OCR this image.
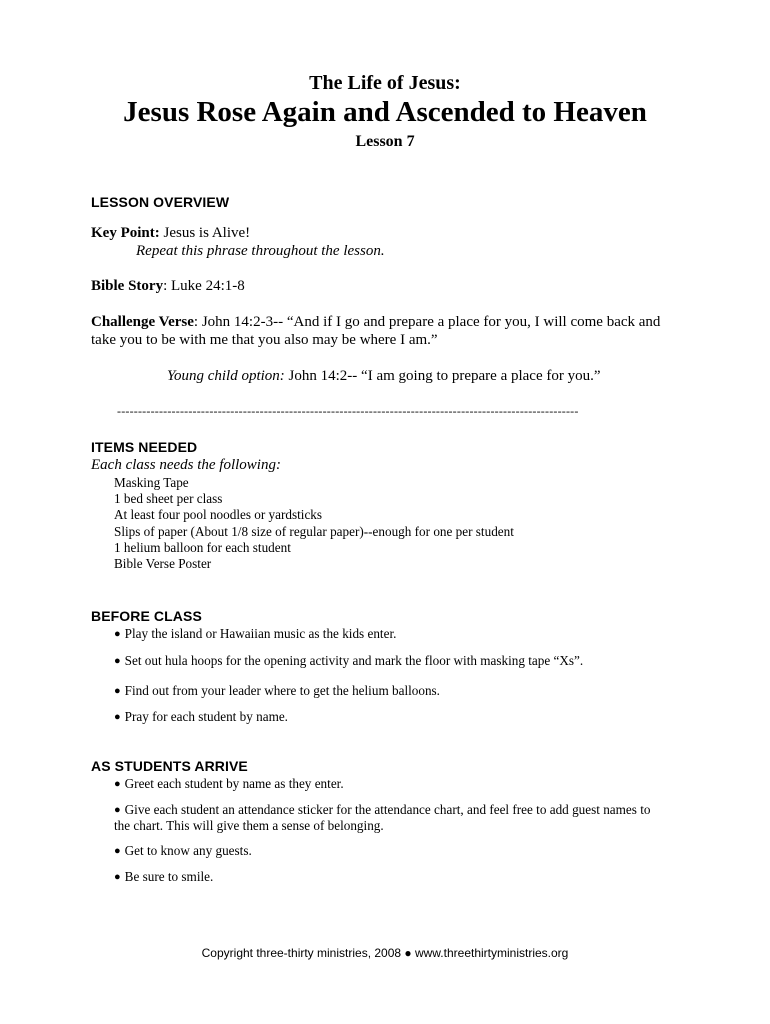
The Life of Jesus:
Jesus Rose Again and Ascended to Heaven
Lesson 7
LESSON OVERVIEW
Key Point: Jesus is Alive!
Repeat this phrase throughout the lesson.
Bible Story: Luke 24:1-8
Challenge Verse: John 14:2-3-- “And if I go and prepare a place for you, I will come back and
take you to be with me that you also may be where I am.”
Young child option: John 14:2-- “I am going to prepare a place for you.”
--------------------------------------------------------------------------------------------------------------
ITEMS NEEDED
Each class needs the following:
Masking Tape
1 bed sheet per class
At least four pool noodles or yardsticks
Slips of paper (About 1/8 size of regular paper)--enough for one per student
1 helium balloon for each student
Bible Verse Poster
BEFORE CLASS
● Play the island or Hawaiian music as the kids enter.
● Set out hula hoops for the opening activity and mark the floor with masking tape “Xs”.
● Find out from your leader where to get the helium balloons.
● Pray for each student by name.
AS STUDENTS ARRIVE
● Greet each student by name as they enter.
● Give each student an attendance sticker for the attendance chart, and feel free to add guest names to
the chart. This will give them a sense of belonging.
● Get to know any guests.
● Be sure to smile.
Copyright three-thirty ministries, 2008 ● www.threethirtyministries.org
